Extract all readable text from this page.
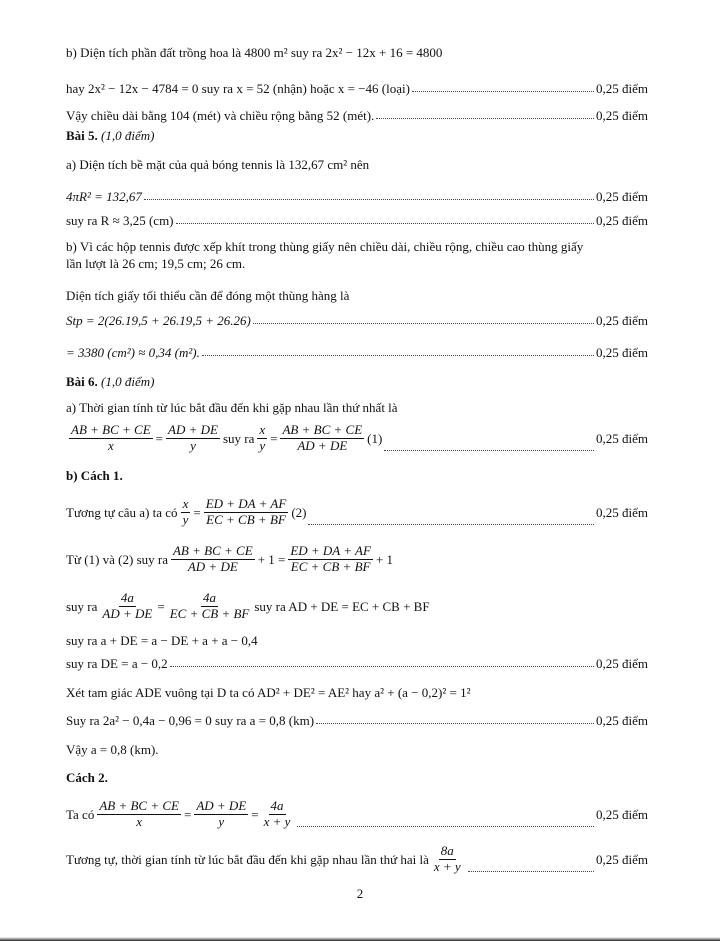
b) Diện tích phần đất trồng hoa là 4800 m² suy ra 2x² − 12x + 16 = 4800
hay 2x² − 12x − 4784 = 0 suy ra x = 52 (nhận) hoặc x = −46 (loại)	0,25 điểm
Vậy chiều dài bằng 104 (mét) và chiều rộng bằng 52 (mét).	0,25 điểm
Bài 5.
(1,0 điểm)
a) Diện tích bề mặt của quả bóng tennis là 132,67 cm² nên
4πR² = 132,67	0,25 điểm
suy ra R ≈ 3,25 (cm)	0,25 điểm
b) Vì các hộp tennis được xếp khít trong thùng giấy nên chiều dài, chiều rộng, chiều cao thùng giấy
lần lượt là 26 cm; 19,5 cm; 26 cm.
Diện tích giấy tối thiểu cần để đóng một thùng hàng là
Stp = 2(26.19,5 + 26.19,5 + 26.26)	0,25 điểm
= 3380 (cm²) ≈ 0,34 (m²).	0,25 điểm
Bài 6.
(1,0 điểm)
a) Thời gian tính từ lúc bắt đầu đến khi gặp nhau lần thứ nhất là
$\frac{AB + BC + CE}{x} = \frac{AD + DE}{y}$ suy ra $\frac{x}{y} = \frac{AB + BC + CE}{AD + DE} (1)$	0,25 điểm
b) Cách 1.
Tương tự câu a) ta có $\frac{x}{y} = \frac{ED + DA + AF}{EC + CB + BF} (2)$	0,25 điểm
Từ (1) và (2) suy ra $\frac{AB + BC + CE}{AD + DE} + 1 = \frac{ED + DA + AF}{EC + CB + BF} + 1$
suy ra $\frac{4a}{AD + DE} = \frac{4a}{EC + CB + BF}$ suy ra AD + DE = EC + CB + BF
suy ra a + DE = a − DE + a + a − 0,4
suy ra DE = a − 0,2	0,25 điểm
Xét tam giác ADE vuông tại D ta có AD² + DE² = AE² hay a² + (a − 0,2)² = 1²
Suy ra 2a² − 0,4a − 0,96 = 0 suy ra a = 0,8 (km)	0,25 điểm
Vậy a = 0,8 (km).
Cách 2.
Ta có $\frac{AB + BC + CE}{x} = \frac{AD + DE}{y} = \frac{4a}{x + y}$	0,25 điểm
Tương tự, thời gian tính từ lúc bắt đầu đến khi gặp nhau lần thứ hai là $\frac{8a}{x + y}$	0,25 điểm
2
